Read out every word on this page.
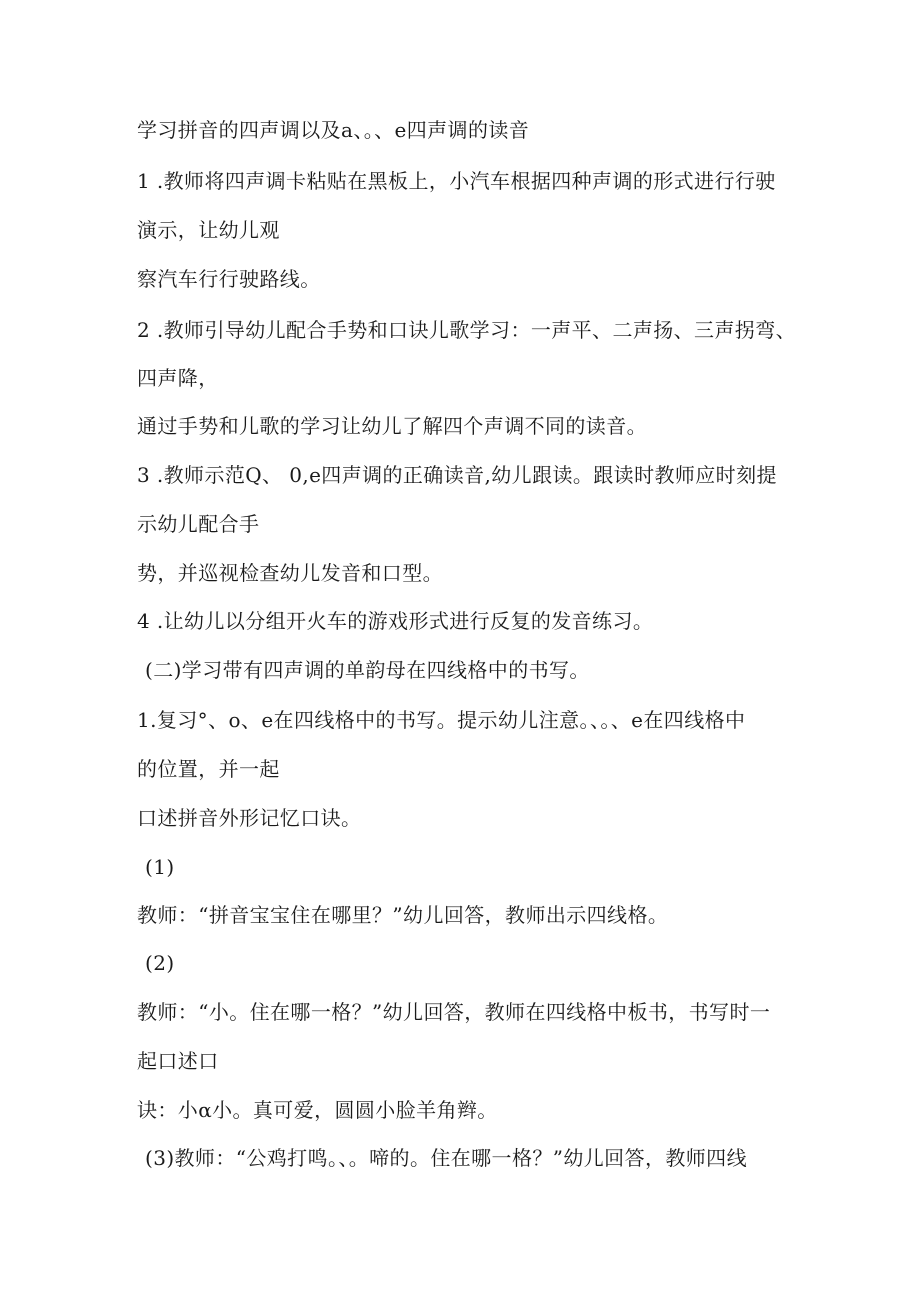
学习拼音的四声调以及a、。、e四声调的读音
1 .教师将四声调卡粘贴在黑板上，小汽车根据四种声调的形式进行行驶
演示，让幼儿观
察汽车行行驶路线。
2 .教师引导幼儿配合手势和口诀儿歌学习：一声平、二声扬、三声拐弯、
四声降，
通过手势和儿歌的学习让幼儿了解四个声调不同的读音。
3 .教师示范Q、 0,e四声调的正确读音,幼儿跟读。跟读时教师应时刻提
示幼儿配合手
势，并巡视检查幼儿发音和口型。
4 .让幼儿以分组开火车的游戏形式进行反复的发音练习。
(二)学习带有四声调的单韵母在四线格中的书写。
1.复习°、o、e在四线格中的书写。提示幼儿注意。、。、e在四线格中
的位置，并一起
口述拼音外形记忆口诀。
(1)
教师：“拼音宝宝住在哪里？”幼儿回答，教师出示四线格。
(2)
教师：“小。住在哪一格？”幼儿回答，教师在四线格中板书，书写时一
起口述口
诀：小α小。真可爱，圆圆小脸羊角辫。
(3)教师：“公鸡打鸣。、。啼的。住在哪一格？”幼儿回答，教师四线
